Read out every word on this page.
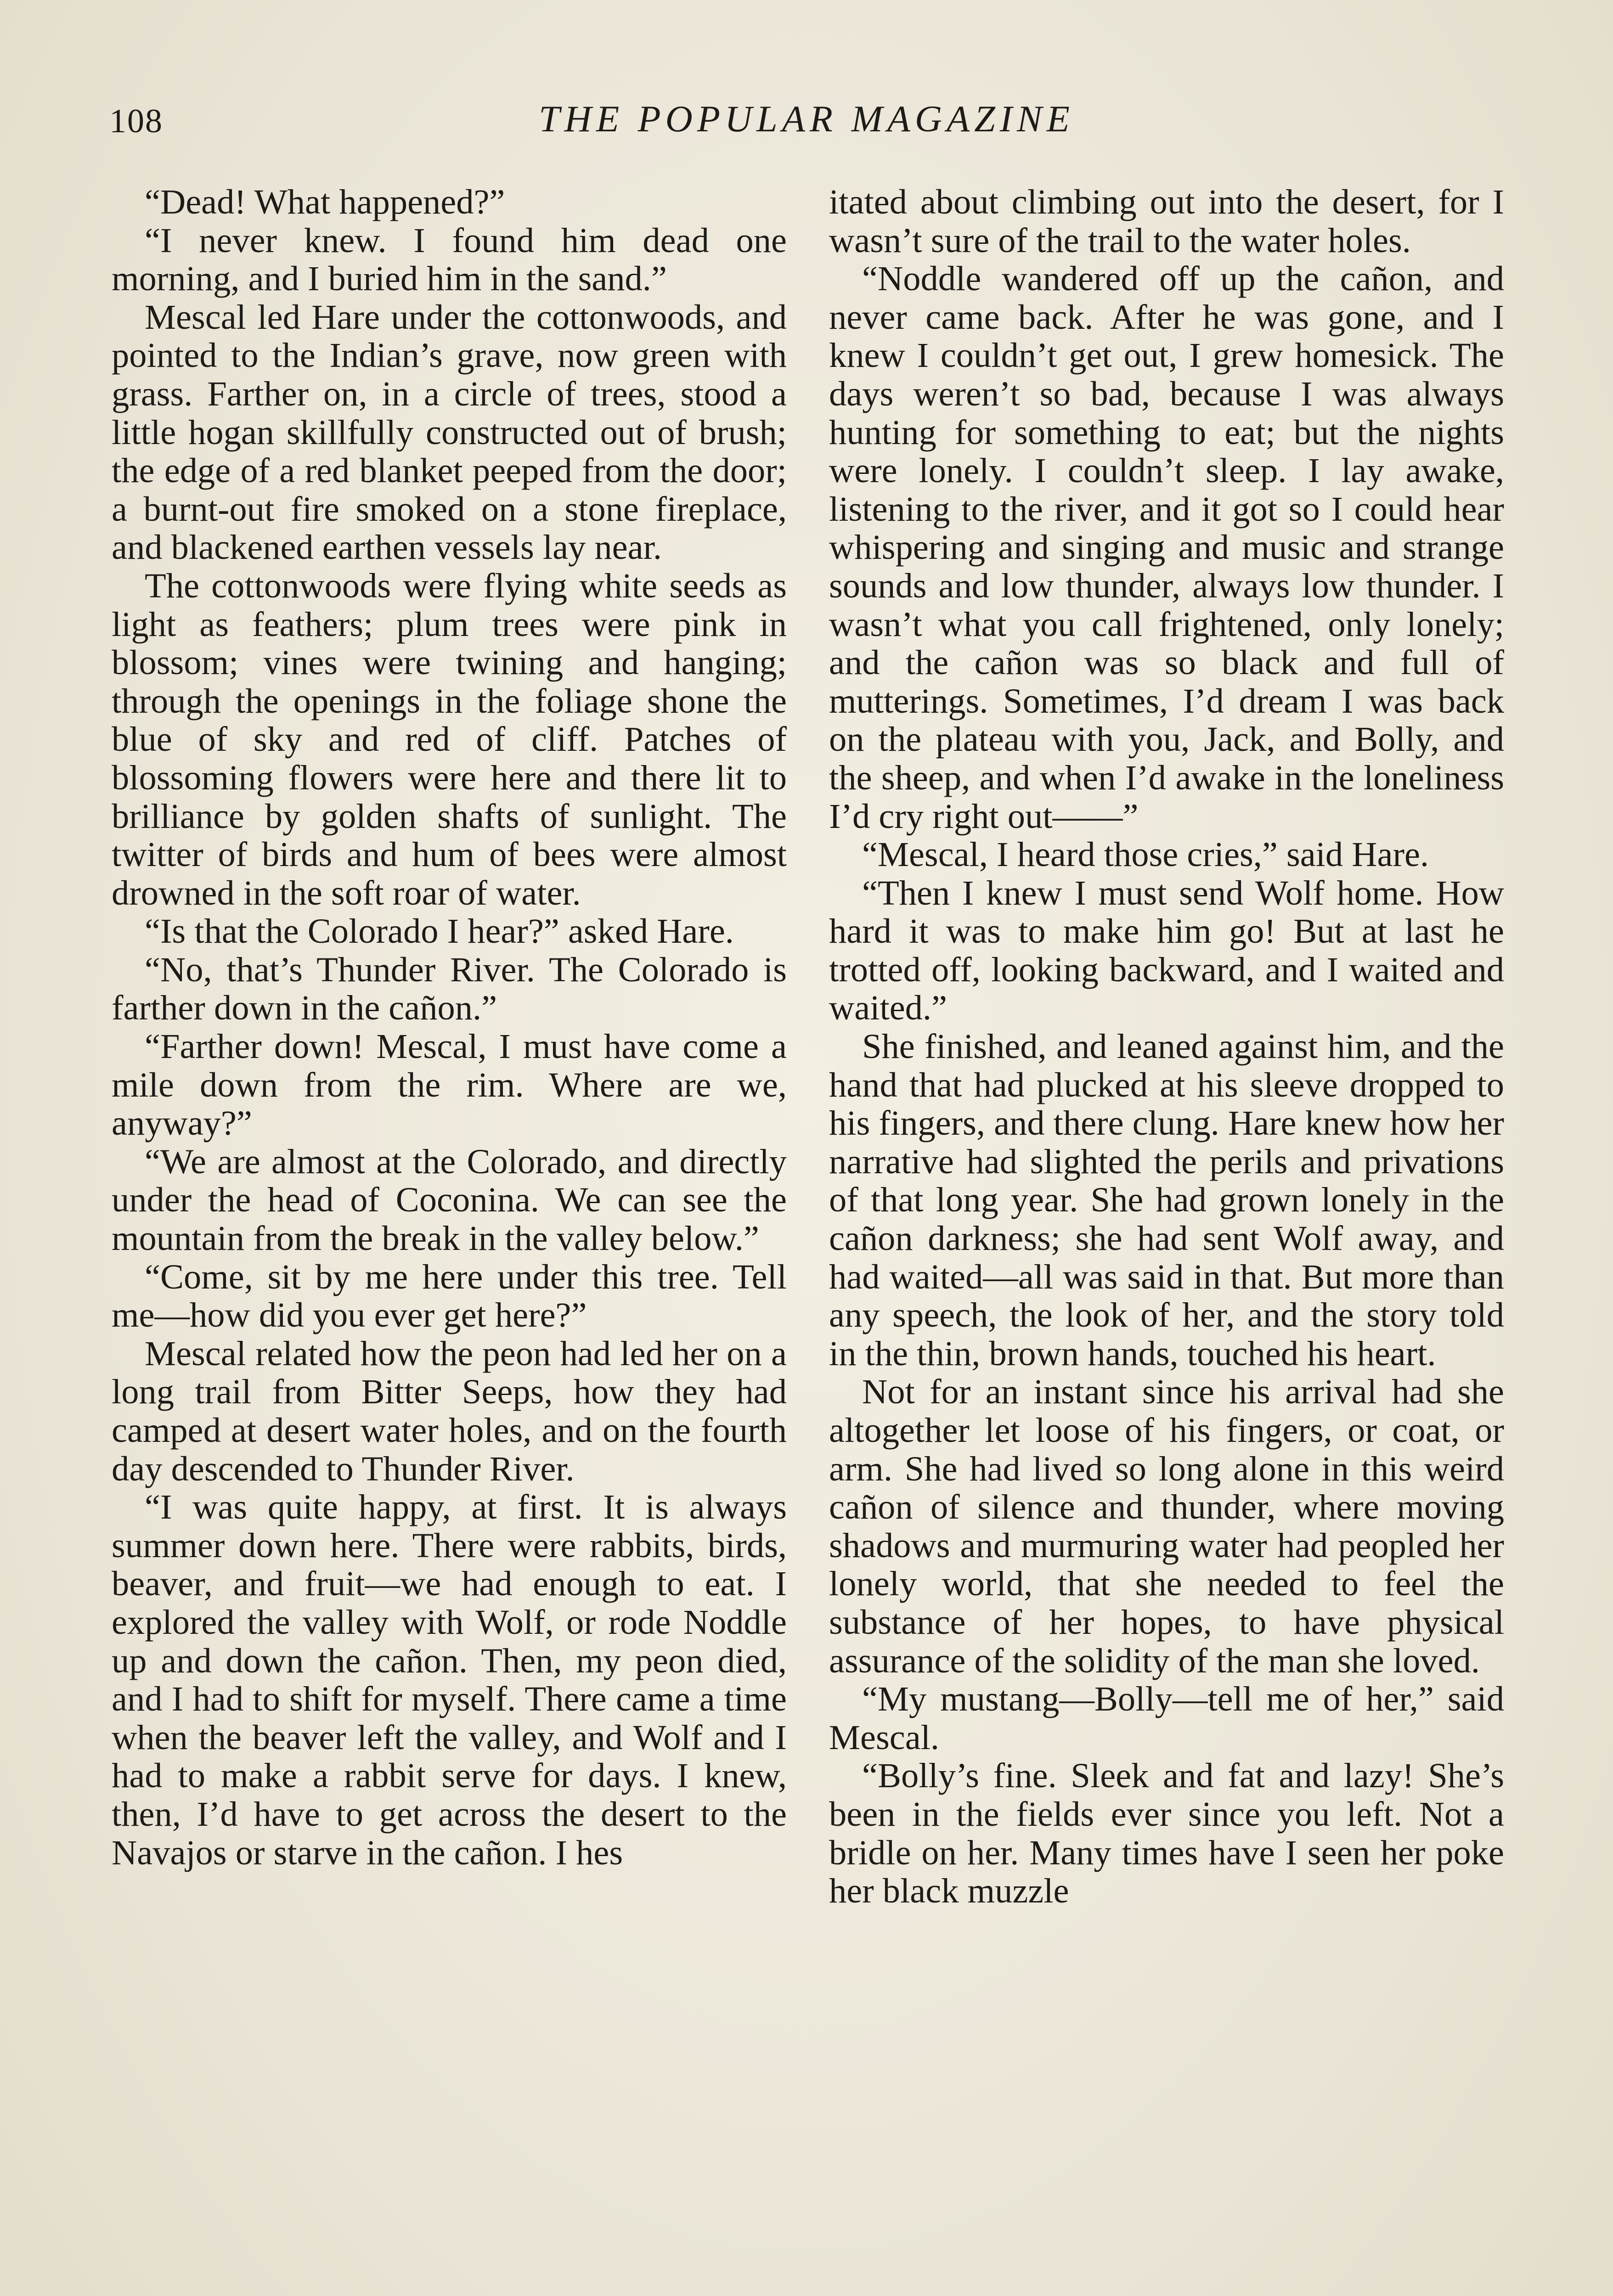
108	THE POPULAR MAGAZINE

“Dead! What happened?”

“I never knew. I found him dead one morning, and I buried him in the sand.”

Mescal led Hare under the cottonwoods, and pointed to the Indian’s grave, now green with grass. Farther on, in a circle of trees, stood a little hogan skillfully constructed out of brush; the edge of a red blanket peeped from the door; a burnt-out fire smoked on a stone fireplace, and blackened earthen vessels lay near.

The cottonwoods were flying white seeds as light as feathers; plum trees were pink in blossom; vines were twining and hanging; through the openings in the foliage shone the blue of sky and red of cliff. Patches of blossoming flowers were here and there lit to brilliance by golden shafts of sunlight. The twitter of birds and hum of bees were almost drowned in the soft roar of water.

“Is that the Colorado I hear?” asked Hare.

“No, that’s Thunder River. The Colorado is farther down in the cañon.”

“Farther down! Mescal, I must have come a mile down from the rim. Where are we, anyway?”

“We are almost at the Colorado, and directly under the head of Coconina. We can see the mountain from the break in the valley below.”

“Come, sit by me here under this tree. Tell me—how did you ever get here?”

Mescal related how the peon had led her on a long trail from Bitter Seeps, how they had camped at desert water holes, and on the fourth day descended to Thunder River.

“I was quite happy, at first. It is always summer down here. There were rabbits, birds, beaver, and fruit—we had enough to eat. I explored the valley with Wolf, or rode Noddle up and down the cañon. Then, my peon died, and I had to shift for myself. There came a time when the beaver left the valley, and Wolf and I had to make a rabbit serve for days. I knew, then, I’d have to get across the desert to the Navajos or starve in the cañon. I hes

itated about climbing out into the desert, for I wasn’t sure of the trail to the water holes.

“Noddle wandered off up the cañon, and never came back. After he was gone, and I knew I couldn’t get out, I grew homesick. The days weren’t so bad, because I was always hunting for something to eat; but the nights were lonely. I couldn’t sleep. I lay awake, listening to the river, and it got so I could hear whispering and singing and music and strange sounds and low thunder, always low thunder. I wasn’t what you call frightened, only lonely; and the cañon was so black and full of mutterings. Sometimes, I’d dream I was back on the plateau with you, Jack, and Bolly, and the sheep, and when I’d awake in the loneliness I’d cry right out——”

“Mescal, I heard those cries,” said Hare.

“Then I knew I must send Wolf home. How hard it was to make him go! But at last he trotted off, looking backward, and I waited and waited.”

She finished, and leaned against him, and the hand that had plucked at his sleeve dropped to his fingers, and there clung. Hare knew how her narrative had slighted the perils and privations of that long year. She had grown lonely in the cañon darkness; she had sent Wolf away, and had waited—all was said in that. But more than any speech, the look of her, and the story told in the thin, brown hands, touched his heart.

Not for an instant since his arrival had she altogether let loose of his fingers, or coat, or arm. She had lived so long alone in this weird cañon of silence and thunder, where moving shadows and murmuring water had peopled her lonely world, that she needed to feel the substance of her hopes, to have physical assurance of the solidity of the man she loved.

“My mustang—Bolly—tell me of her,” said Mescal.

“Bolly’s fine. Sleek and fat and lazy! She’s been in the fields ever since you left. Not a bridle on her. Many times have I seen her poke her black muzzle
